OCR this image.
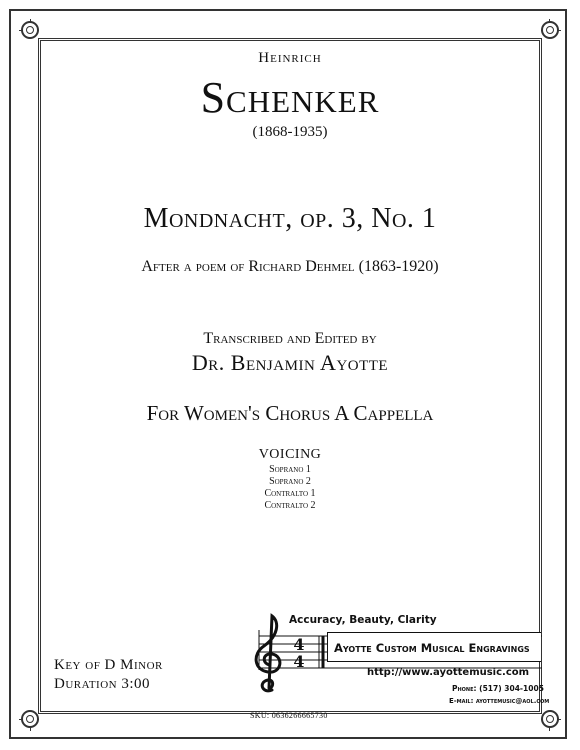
Heinrich
Schenker
(1868-1935)
Mondnacht, op. 3, No. 1
After a poem of Richard Dehmel (1863-1920)
Transcribed and Edited by
Dr. Benjamin Ayotte
For Women's Chorus A Cappella
VOICING
Soprano 1
Soprano 2
Contralto 1
Contralto 2
Key of D Minor
Duration 3:00
SKU: 0636266665730
Accuracy, Beauty, Clarity
4
4
Ayotte Custom Musical Engravings
http://www.ayottemusic.com
Phone: (517) 304-1005
E-mail: ayottemusic@aol.com
